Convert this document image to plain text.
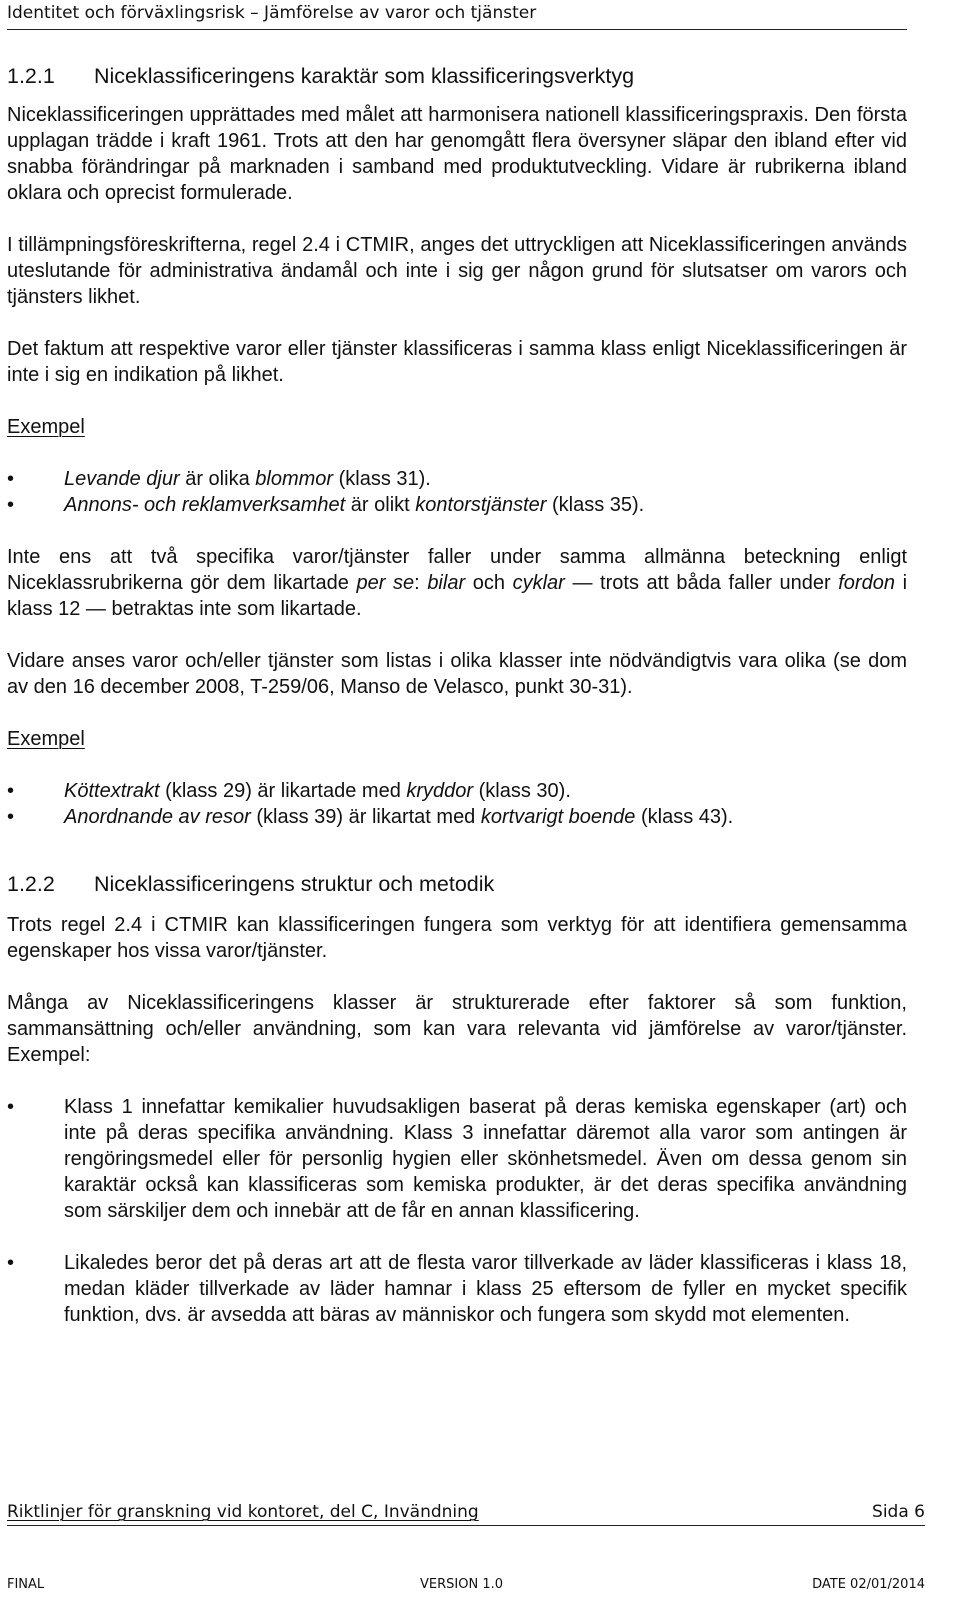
Identitet och förväxlingsrisk – Jämförelse av varor och tjänster
1.2.1	Niceklassificeringens karaktär som klassificeringsverktyg

Niceklassificeringen upprättades med målet att harmonisera nationell klassificeringspraxis. Den första upplagan trädde i kraft 1961. Trots att den har genomgått flera översyner släpar den ibland efter vid snabba förändringar på marknaden i samband med produktutveckling. Vidare är rubrikerna ibland oklara och oprecist formulerade.

I tillämpningsföreskrifterna, regel 2.4 i CTMIR, anges det uttryckligen att Niceklassificeringen används uteslutande för administrativa ändamål och inte i sig ger någon grund för slutsatser om varors och tjänsters likhet.

Det faktum att respektive varor eller tjänster klassificeras i samma klass enligt Niceklassificeringen är inte i sig en indikation på likhet.

Exempel
• Levande djur är olika blommor (klass 31).
• Annons- och reklamverksamhet är olikt kontorstjänster (klass 35).

Inte ens att två specifika varor/tjänster faller under samma allmänna beteckning enligt Niceklassrubrikerna gör dem likartade per se: bilar och cyklar — trots att båda faller under fordon i klass 12 — betraktas inte som likartade.

Vidare anses varor och/eller tjänster som listas i olika klasser inte nödvändigtvis vara olika (se dom av den 16 december 2008, T-259/06, Manso de Velasco, punkt 30-31).

Exempel
• Köttextrakt (klass 29) är likartade med kryddor (klass 30).
• Anordnande av resor (klass 39) är likartat med kortvarigt boende (klass 43).
1.2.2	Niceklassificeringens struktur och metodik

Trots regel 2.4 i CTMIR kan klassificeringen fungera som verktyg för att identifiera gemensamma egenskaper hos vissa varor/tjänster.

Många av Niceklassificeringens klasser är strukturerade efter faktorer så som funktion, sammansättning och/eller användning, som kan vara relevanta vid jämförelse av varor/tjänster. Exempel:

• Klass 1 innefattar kemikalier huvudsakligen baserat på deras kemiska egenskaper (art) och inte på deras specifika användning. Klass 3 innefattar däremot alla varor som antingen är rengöringsmedel eller för personlig hygien eller skönhetsmedel. Även om dessa genom sin karaktär också kan klassificeras som kemiska produkter, är det deras specifika användning som särskiljer dem och innebär att de får en annan klassificering.
• Likaledes beror det på deras art att de flesta varor tillverkade av läder klassificeras i klass 18, medan kläder tillverkade av läder hamnar i klass 25 eftersom de fyller en mycket specifik funktion, dvs. är avsedda att bäras av människor och fungera som skydd mot elementen.
Riktlinjer för granskning vid kontoret, del C, Invändning	Sida 6
FINAL	VERSION 1.0	DATE 02/01/2014
